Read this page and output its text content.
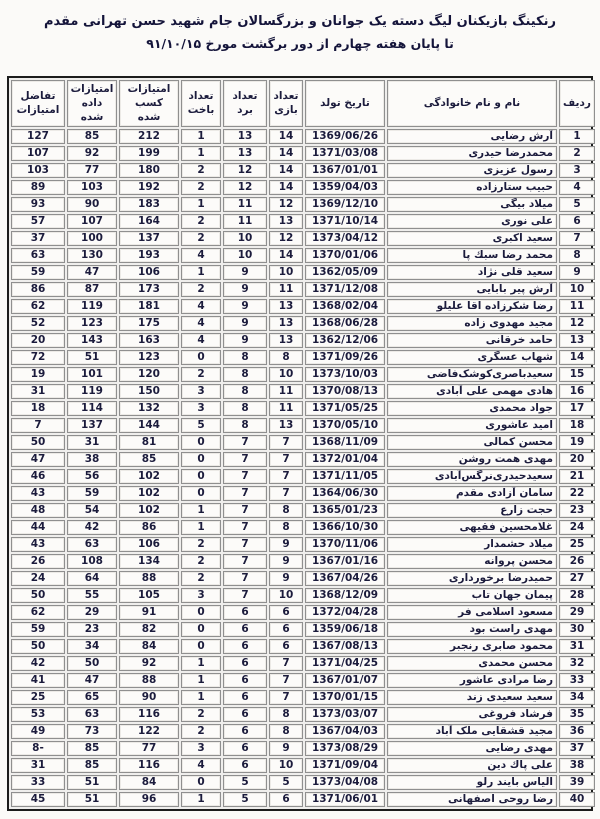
رنکینگ بازیکنان لیگ دسته یک جوانان و بزرگسالان جام شهید حسن تهرانی مقدم
تا پایان هفته چهارم از دور برگشت مورخ ۹۱/۱۰/۱۵
ردیف	نام و نام خانوادگی	تاریخ تولد	تعداد بازی	تعداد برد	تعداد باخت	امتیازات کسب شده	امتیازات داده شده	تفاضل امتیازات
1	آرش رضایی	1369/06/26	14	13	1	212	85	127
2	محمدرضا حیدری	1371/03/08	14	13	1	199	92	107
3	رسول عزیزی	1367/01/01	14	12	2	180	77	103
4	حبیب ستارزاده	1359/04/03	14	12	2	192	103	89
5	میلاد بیگی	1369/12/10	12	11	1	183	90	93
6	علی نوری	1371/10/14	13	11	2	164	107	57
7	سعید اکبری	1373/04/12	12	10	2	137	100	37
8	محمد رضا سبك پا	1370/01/06	14	10	4	193	130	63
9	سعید قلی نژاد	1362/05/09	10	9	1	106	47	59
10	آرش پیر بابایی	1371/12/08	11	9	2	173	87	86
11	رضا شکرزاده اقا علیلو	1368/02/04	13	9	4	181	119	62
12	مجید مهدوی زاده	1368/06/28	13	9	4	175	123	52
13	حامد خرقانی	1362/12/06	13	9	4	163	143	20
14	شهاب عسگری	1371/09/26	8	8	0	123	51	72
15	سعیدباصری‌کوشک‌فاضی	1373/10/03	10	8	2	120	101	19
16	هادی مهمی علی آبادی	1370/08/13	11	8	3	150	119	31
17	جواد محمدی	1371/05/25	11	8	3	132	114	18
18	امید عاشوری	1370/05/10	13	8	5	144	137	7
19	محسن کمالی	1368/11/09	7	7	0	81	31	50
20	مهدی همت روشن	1372/01/04	7	7	0	85	38	47
21	سعیدحیدری‌نرگس‌آبادی	1371/11/05	7	7	0	102	56	46
22	سامان آزادی مقدم	1364/06/30	7	7	0	102	59	43
23	حجت زارع	1365/01/23	8	7	1	102	54	48
24	غلامحسین فقیهی	1366/10/30	8	7	1	86	42	44
25	میلاد حشمدار	1370/11/06	9	7	2	106	63	43
26	محسن پروانه	1367/01/16	9	7	2	134	108	26
27	حمیدرضا برخورداری	1367/04/26	9	7	2	88	64	24
28	پیمان جهان تاب	1368/12/09	10	7	3	105	55	50
29	مسعود اسلامی فر	1372/04/28	6	6	0	91	29	62
30	مهدی راست بود	1359/06/18	6	6	0	82	23	59
31	محمود صابری رنجبر	1367/08/13	6	6	0	84	34	50
32	محسن محمدی	1371/04/25	7	6	1	92	50	42
33	رضا مرادی عاشور	1367/01/07	7	6	1	88	47	41
34	سعید سعیدی زند	1370/01/15	7	6	1	90	65	25
35	فرشاد فروغی	1373/03/07	8	6	2	116	63	53
36	مجید قشقایی ملک آباد	1367/04/03	8	6	2	122	73	49
37	مهدی رضایی	1373/08/29	9	6	3	77	85	8-
38	علی پاك دین	1371/09/04	10	6	4	116	85	31
39	الیاس بایند رلو	1373/04/08	5	5	0	84	51	33
40	رضا روحی اصفهانی	1371/06/01	6	5	1	96	51	45
